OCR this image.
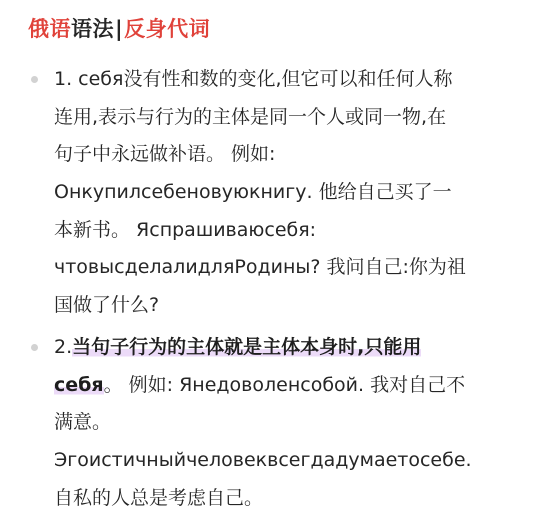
俄语语法|反身代词
1. себя没有性和数的变化,但它可以和任何人称
连用,表示与行为的主体是同一个人或同一物,在
句子中永远做补语。 例如:
Онкупилсебеновуюкнигу. 他给自己买了一
本新书。 Яспрашиваюсебя:
чтовысделалидляРодины? 我问自己:你为祖
国做了什么?
2.当句子行为的主体就是主体本身时,只能用
себя。 例如: Янедоволенсобой. 我对自己不
满意。
Эгоистичныйчеловеквсегдадумаетосебе.
自私的人总是考虑自己。
